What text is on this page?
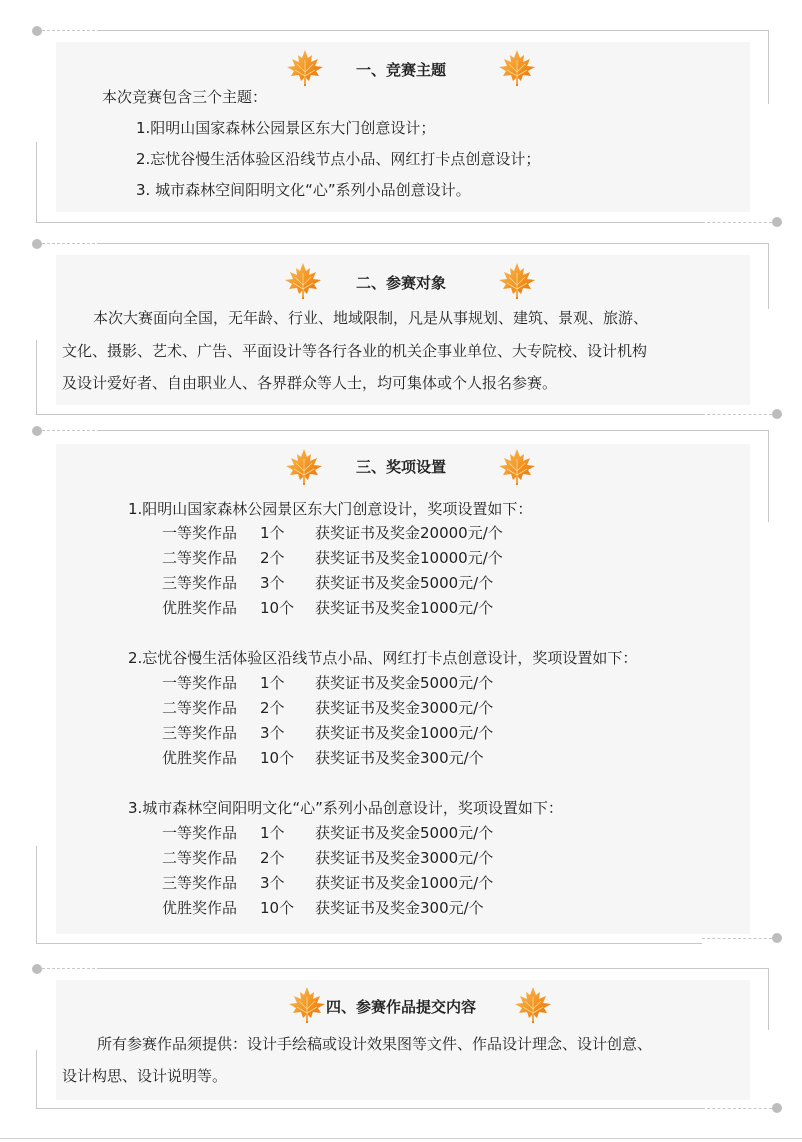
一、竞赛主题
本次竞赛包含三个主题：
1.阳明山国家森林公园景区东大门创意设计；
2.忘忧谷慢生活体验区沿线节点小品、网红打卡点创意设计；
3. 城市森林空间阳明文化“心”系列小品创意设计。
二、参赛对象
本次大赛面向全国，无年龄、行业、地域限制，凡是从事规划、建筑、景观、旅游、
文化、摄影、艺术、广告、平面设计等各行各业的机关企事业单位、大专院校、设计机构
及设计爱好者、自由职业人、各界群众等人士，均可集体或个人报名参赛。
三、奖项设置
1.阳明山国家森林公园景区东大门创意设计，奖项设置如下：
一等奖作品 1个 获奖证书及奖金20000元/个
二等奖作品 2个 获奖证书及奖金10000元/个
三等奖作品 3个 获奖证书及奖金5000元/个
优胜奖作品 10个 获奖证书及奖金1000元/个
2.忘忧谷慢生活体验区沿线节点小品、网红打卡点创意设计，奖项设置如下：
一等奖作品 1个 获奖证书及奖金5000元/个
二等奖作品 2个 获奖证书及奖金3000元/个
三等奖作品 3个 获奖证书及奖金1000元/个
优胜奖作品 10个 获奖证书及奖金300元/个
3.城市森林空间阳明文化“心”系列小品创意设计，奖项设置如下：
一等奖作品 1个 获奖证书及奖金5000元/个
二等奖作品 2个 获奖证书及奖金3000元/个
三等奖作品 3个 获奖证书及奖金1000元/个
优胜奖作品 10个 获奖证书及奖金300元/个
四、参赛作品提交内容
所有参赛作品须提供：设计手绘稿或设计效果图等文件、作品设计理念、设计创意、
设计构思、设计说明等。
